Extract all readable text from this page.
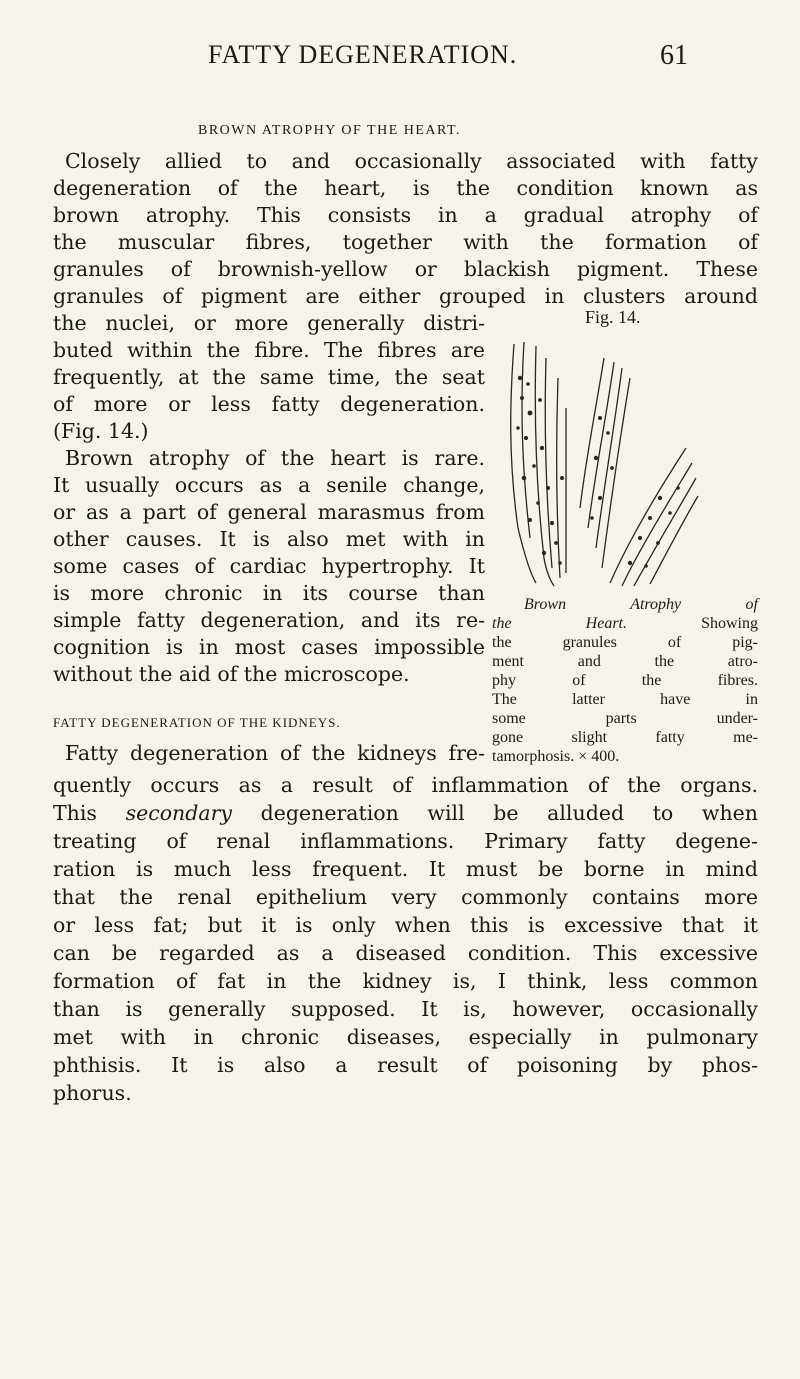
FATTY DEGENERATION.	61
BROWN ATROPHY OF THE HEART.
Closely allied to and occasionally associated with fatty
degeneration of the heart, is the condition known as
brown atrophy. This consists in a gradual atrophy of
the muscular fibres, together with the formation of
granules of brownish-yellow or blackish pigment. These
granules of pigment are either grouped in clusters around
the nuclei, or more generally distri-
buted within the fibre. The fibres are
frequently, at the same time, the seat
of more or less fatty degeneration.
(Fig. 14.)
Brown atrophy of the heart is rare.
It usually occurs as a senile change,
or as a part of general marasmus from
other causes. It is also met with in
some cases of cardiac hypertrophy. It
is more chronic in its course than
simple fatty degeneration, and its re-
cognition is in most cases impossible
without the aid of the microscope.
Fig. 14.
  Brown Atrophy of
the Heart. Showing
the granules of pig-
ment and the atro-
phy of the fibres.
The latter have in
some parts under-
gone slight fatty me-
tamorphosis. × 400.
FATTY DEGENERATION OF THE KIDNEYS.
Fatty degeneration of the kidneys fre-
quently occurs as a result of inflammation of the organs.
This secondary degeneration will be alluded to when
treating of renal inflammations. Primary fatty degene-
ration is much less frequent. It must be borne in mind
that the renal epithelium very commonly contains more
or less fat; but it is only when this is excessive that it
can be regarded as a diseased condition. This excessive
formation of fat in the kidney is, I think, less common
than is generally supposed. It is, however, occasionally
met with in chronic diseases, especially in pulmonary
phthisis. It is also a result of poisoning by phos-
phorus.
